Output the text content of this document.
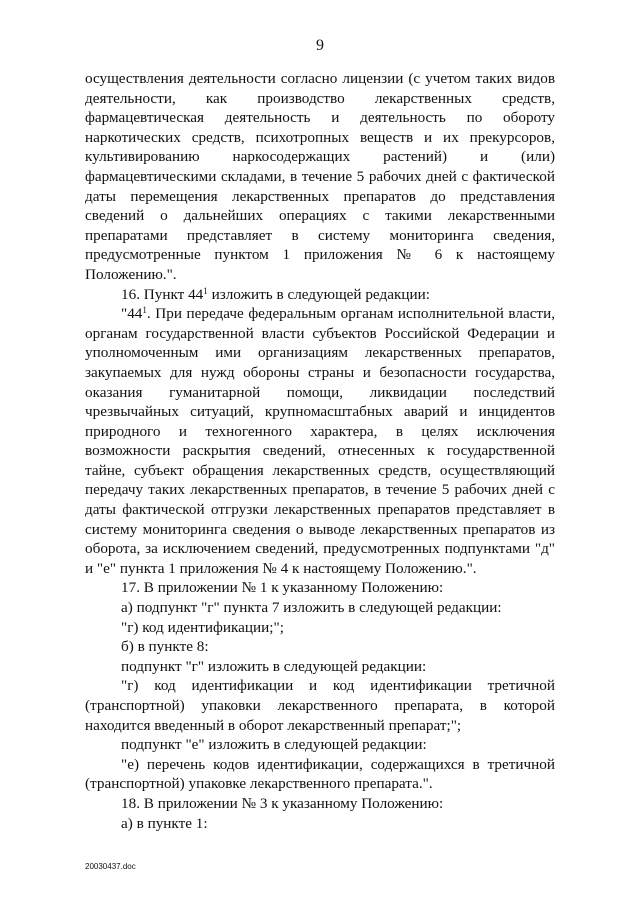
9

осуществления деятельности согласно лицензии (с учетом таких видов деятельности, как производство лекарственных средств, фармацевтическая деятельность и деятельность по обороту наркотических средств, психотропных веществ и их прекурсоров, культивированию наркосодержащих растений) и (или) фармацевтическими складами, в течение 5 рабочих дней с фактической даты перемещения лекарственных препаратов до представления сведений о дальнейших операциях с такими лекарственными препаратами представляет в систему мониторинга сведения, предусмотренные пунктом 1 приложения № 6 к настоящему Положению.".

16. Пункт $44^1$ изложить в следующей редакции:

"$44^1$. При передаче федеральным органам исполнительной власти, органам государственной власти субъектов Российской Федерации и уполномоченным ими организациям лекарственных препаратов, закупаемых для нужд обороны страны и безопасности государства, оказания гуманитарной помощи, ликвидации последствий чрезвычайных ситуаций, крупномасштабных аварий и инцидентов природного и техногенного характера, в целях исключения возможности раскрытия сведений, отнесенных к государственной тайне, субъект обращения лекарственных средств, осуществляющий передачу таких лекарственных препаратов, в течение 5 рабочих дней с даты фактической отгрузки лекарственных препаратов представляет в систему мониторинга сведения о выводе лекарственных препаратов из оборота, за исключением сведений, предусмотренных подпунктами "д" и "е" пункта 1 приложения № 4 к настоящему Положению.".

17. В приложении № 1 к указанному Положению:

а) подпункт "г" пункта 7 изложить в следующей редакции:

"г) код идентификации;";

б) в пункте 8:

подпункт "г" изложить в следующей редакции:

"г) код идентификации и код идентификации третичной (транспортной) упаковки лекарственного препарата, в которой находится введенный в оборот лекарственный препарат;";

подпункт "е" изложить в следующей редакции:

"е) перечень кодов идентификации, содержащихся в третичной (транспортной) упаковке лекарственного препарата.".

18. В приложении № 3 к указанному Положению:

а) в пункте 1:

20030437.doc
